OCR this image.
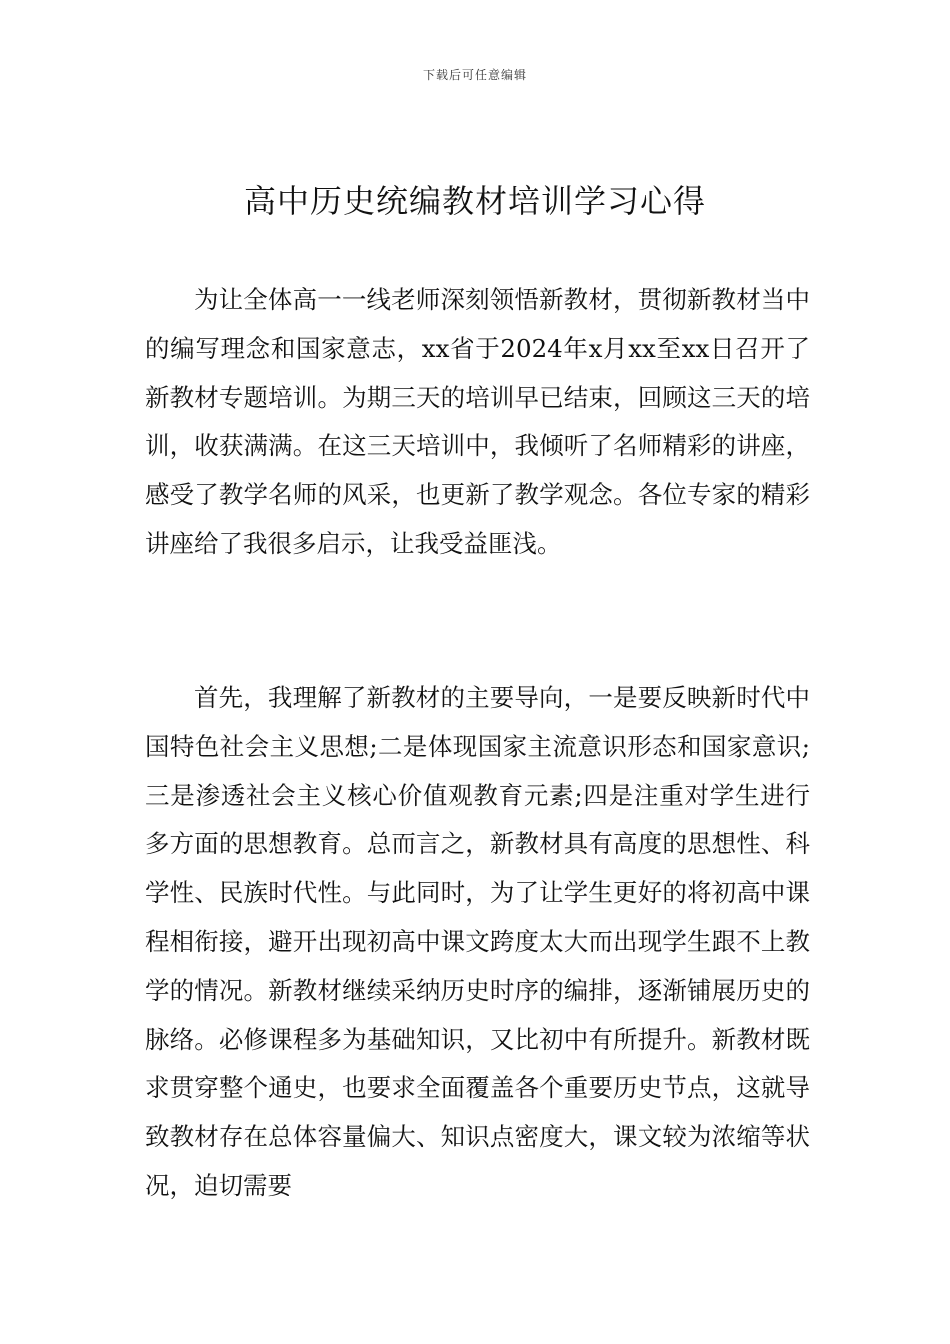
下载后可任意编辑
高中历史统编教材培训学习心得

为让全体高一一线老师深刻领悟新教材，贯彻新教材当中的编写理念和国家意志，xx省于2024年x月xx至xx日召开了新教材专题培训。为期三天的培训早已结束，回顾这三天的培训，收获满满。在这三天培训中，我倾听了名师精彩的讲座，感受了教学名师的风采，也更新了教学观念。各位专家的精彩讲座给了我很多启示，让我受益匪浅。

首先，我理解了新教材的主要导向，一是要反映新时代中国特色社会主义思想;二是体现国家主流意识形态和国家意识;三是渗透社会主义核心价值观教育元素;四是注重对学生进行多方面的思想教育。总而言之，新教材具有高度的思想性、科学性、民族时代性。与此同时，为了让学生更好的将初高中课程相衔接，避开出现初高中课文跨度太大而出现学生跟不上教学的情况。新教材继续采纳历史时序的编排，逐渐铺展历史的脉络。必修课程多为基础知识，又比初中有所提升。新教材既求贯穿整个通史，也要求全面覆盖各个重要历史节点，这就导致教材存在总体容量偏大、知识点密度大，课文较为浓缩等状况，迫切需要
